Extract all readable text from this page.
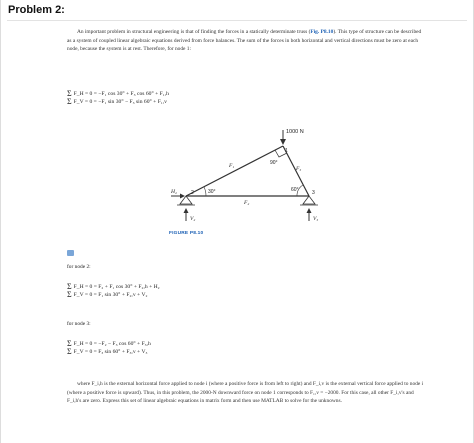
Problem 2:

An important problem in structural engineering is that of finding the forces in a statically determinate truss (Fig. P8.10). This type of structure can be described as a system of coupled linear algebraic equations derived from force balances. The sum of the forces in both horizontal and vertical directions must be zero at each node, because the system is at rest. Therefore, for node 1:

Σ F_H = 0 = −F₁ cos 30° + F₃ cos 60° + F₁,h
Σ F_V = 0 = −F₁ sin 30° − F₃ sin 60° + F₁,v
1000 N
1
90°
30°	60°
2	3
F₁
F₂
F₃
H₂
V₂	V₃
FIGURE P8.10
for node 2:
Σ F_H = 0 = F₂ + F₁ cos 30° + F₂,h + H₂
Σ F_V = 0 = F₁ sin 30° + F₂,v + V₂
for node 3:
Σ F_H = 0 = −F₂ − F₃ cos 60° + F₃,h
Σ F_V = 0 = F₃ sin 60° + F₃,v + V₃

where F_i,h is the external horizontal force applied to node i (where a positive force is from left to right) and F_i,v is the external vertical force applied to node i (where a positive force is upward). Thus, in this problem, the 2000-N downward force on node 1 corresponds to F₁,v = −2000. For this case, all other F_i,v's and F_i,h's are zero. Express this set of linear algebraic equations in matrix form and then use MATLAB to solve for the unknowns.
